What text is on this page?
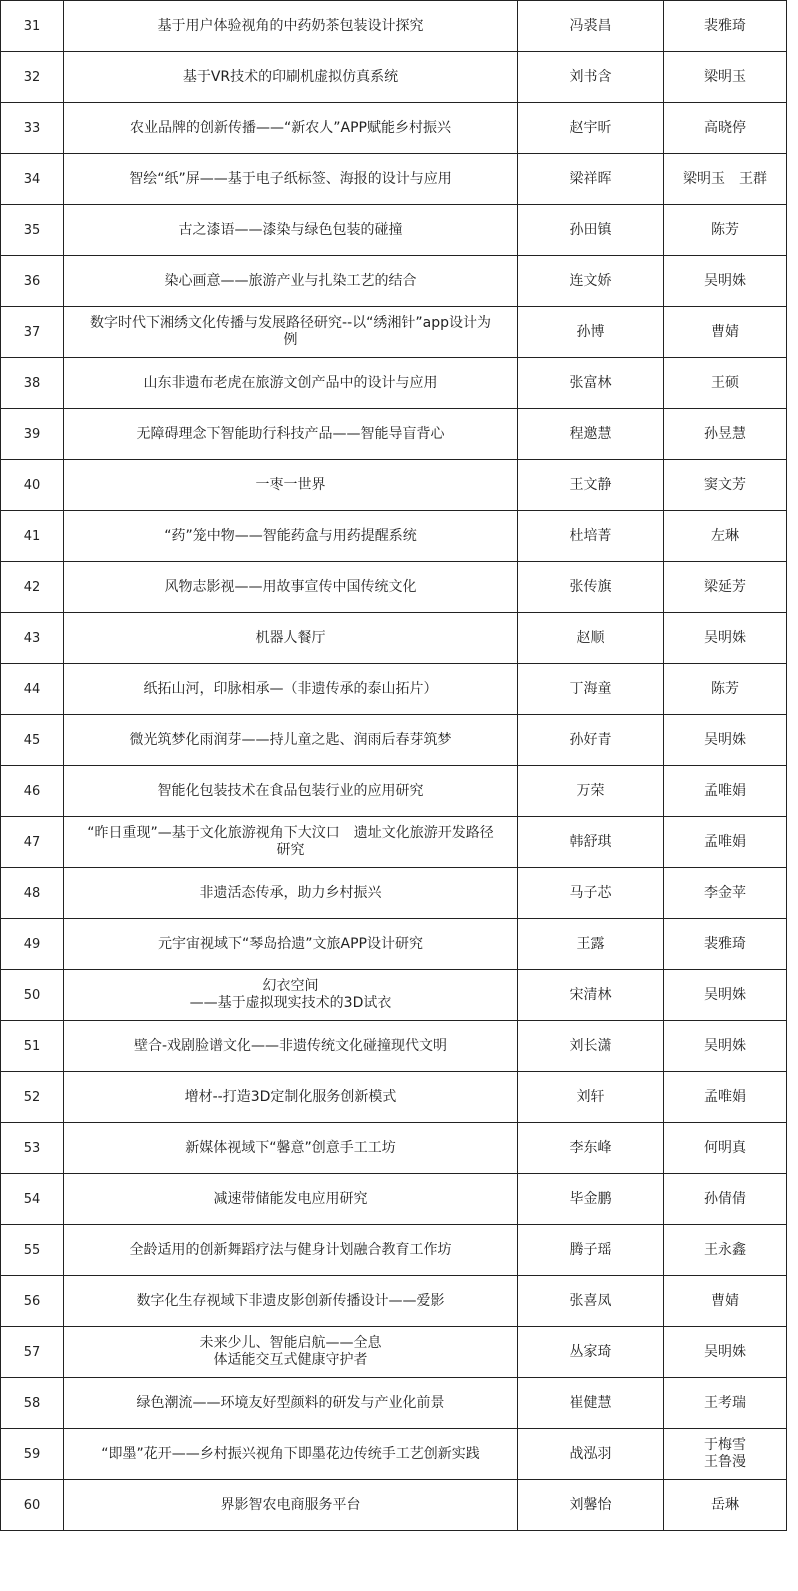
31	基于用户体验视角的中药奶茶包装设计探究	冯裘昌	裴雅琦

32	基于VR技术的印刷机虚拟仿真系统	刘书含	梁明玉

33	农业品牌的创新传播——“新农人”APP赋能乡村振兴	赵宇昕	高晓停

34	智绘“纸”屏——基于电子纸标签、海报的设计与应用	梁祥晖	梁明玉　王群

35	古之漆语——漆染与绿色包装的碰撞	孙田镇	陈芳

36	染心画意——旅游产业与扎染工艺的结合	连文娇	吴明姝

37	数字时代下湘绣文化传播与发展路径研究--以“绣湘针”app设计为
例	孙博	曹婧

38	山东非遗布老虎在旅游文创产品中的设计与应用	张富林	王硕

39	无障碍理念下智能助行科技产品——智能导盲背心	程邀慧	孙昱慧

40	一枣一世界	王文静	窦文芳

41	“药”笼中物——智能药盒与用药提醒系统	杜培菁	左琳

42	风物志影视——用故事宣传中国传统文化	张传旗	梁延芳

43	机器人餐厅	赵顺	吴明姝

44	纸拓山河，印脉相承—（非遗传承的泰山拓片）	丁海童	陈芳

45	微光筑梦化雨润芽——持儿童之匙、润雨后春芽筑梦	孙好青	吴明姝

46	智能化包装技术在食品包装行业的应用研究	万荣	孟唯娟

47	“昨日重现”—基于文化旅游视角下大汶口　遗址文化旅游开发路径
研究	韩舒琪	孟唯娟

48	非遗活态传承，助力乡村振兴	马子芯	李金苹

49	元宇宙视域下“琴岛拾遗”文旅APP设计研究	王露	裴雅琦

50	幻衣空间
——基于虚拟现实技术的3D试衣	宋清林	吴明姝

51	壁合-戏剧脸谱文化——非遗传统文化碰撞现代文明	刘长潇	吴明姝

52	增材--打造3D定制化服务创新模式	刘轩	孟唯娟

53	新媒体视域下“馨意”创意手工工坊	李东峰	何明真

54	减速带储能发电应用研究	毕金鹏	孙倩倩

55	全龄适用的创新舞蹈疗法与健身计划融合教育工作坊	腾子瑶	王永鑫

56	数字化生存视域下非遗皮影创新传播设计——爱影	张喜凤	曹婧

57	未来少儿、智能启航——全息
体适能交互式健康守护者	丛家琦	吴明姝

58	绿色潮流——环境友好型颜料的研发与产业化前景	崔健慧	王考瑞

59	“即墨”花开——乡村振兴视角下即墨花边传统手工艺创新实践	战泓羽	于梅雪
王鲁漫

60	界影智农电商服务平台	刘馨怡	岳琳
